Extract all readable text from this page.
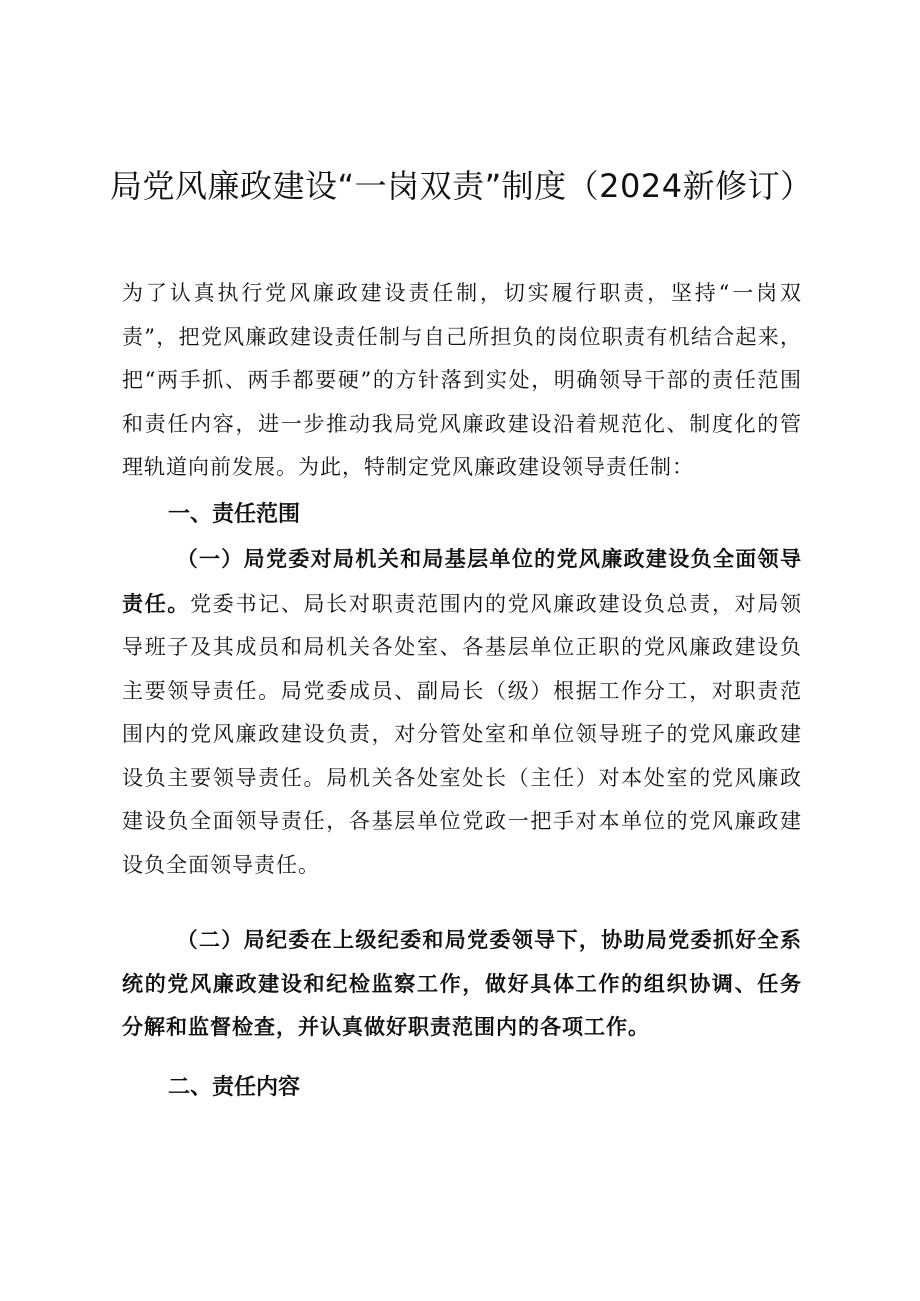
局党风廉政建设“一岗双责”制度（2024新修订）

为了认真执行党风廉政建设责任制，切实履行职责，坚持“一岗双责”，把党风廉政建设责任制与自己所担负的岗位职责有机结合起来，把“两手抓、两手都要硬”的方针落到实处，明确领导干部的责任范围和责任内容，进一步推动我局党风廉政建设沿着规范化、制度化的管理轨道向前发展。为此，特制定党风廉政建设领导责任制：

一、责任范围

（一）局党委对局机关和局基层单位的党风廉政建设负全面领导责任。党委书记、局长对职责范围内的党风廉政建设负总责，对局领导班子及其成员和局机关各处室、各基层单位正职的党风廉政建设负主要领导责任。局党委成员、副局长（级）根据工作分工，对职责范围内的党风廉政建设负责，对分管处室和单位领导班子的党风廉政建设负主要领导责任。局机关各处室处长（主任）对本处室的党风廉政建设负全面领导责任，各基层单位党政一把手对本单位的党风廉政建设负全面领导责任。

（二）局纪委在上级纪委和局党委领导下，协助局党委抓好全系统的党风廉政建设和纪检监察工作，做好具体工作的组织协调、任务分解和监督检查，并认真做好职责范围内的各项工作。

二、责任内容
